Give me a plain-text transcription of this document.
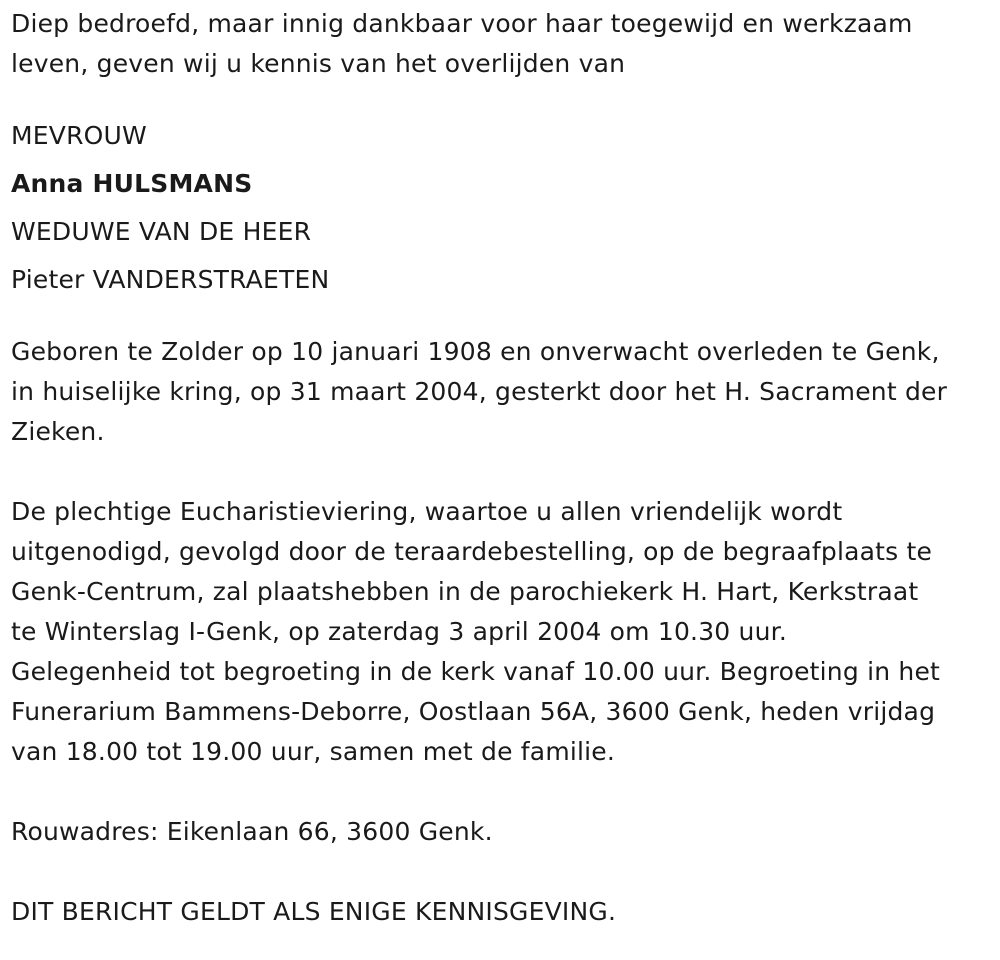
Diep bedroefd, maar innig dankbaar voor haar toegewijd en werkzaam
leven, geven wij u kennis van het overlijden van
MEVROUW
Anna HULSMANS
WEDUWE VAN DE HEER
Pieter VANDERSTRAETEN
Geboren te Zolder op 10 januari 1908 en onverwacht overleden te Genk,
in huiselijke kring, op 31 maart 2004, gesterkt door het H. Sacrament der
Zieken.
De plechtige Eucharistieviering, waartoe u allen vriendelijk wordt
uitgenodigd, gevolgd door de teraardebestelling, op de begraafplaats te
Genk-Centrum, zal plaatshebben in de parochiekerk H. Hart, Kerkstraat
te Winterslag I-Genk, op zaterdag 3 april 2004 om 10.30 uur.
Gelegenheid tot begroeting in de kerk vanaf 10.00 uur. Begroeting in het
Funerarium Bammens-Deborre, Oostlaan 56A, 3600 Genk, heden vrijdag
van 18.00 tot 19.00 uur, samen met de familie.
Rouwadres: Eikenlaan 66, 3600 Genk.
DIT BERICHT GELDT ALS ENIGE KENNISGEVING.
